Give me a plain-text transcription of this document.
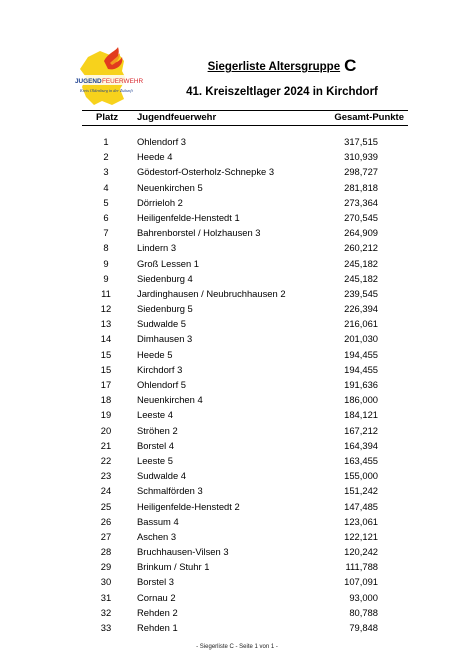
JUGEND FEUERWEHR
Kreis Oldenburg in der Zukunft
Siegerliste Altersgruppe C
41. Kreiszeltlager 2024 in Kirchdorf
Platz Jugendfeuerwehr	Gesamt-Punkte
1	Ohlendorf 3	317,515
2	Heede 4	310,939
3	Gödestorf-Osterholz-Schnepke 3	298,727
4	Neuenkirchen 5	281,818
5	Dörrieloh 2	273,364
6	Heiligenfelde-Henstedt 1	270,545
7	Bahrenborstel / Holzhausen 3	264,909
8	Lindern 3	260,212
9	Groß Lessen 1	245,182
9	Siedenburg 4	245,182
11	Jardinghausen / Neubruchhausen 2	239,545
12	Siedenburg 5	226,394
13	Sudwalde 5	216,061
14	Dimhausen 3	201,030
15	Heede 5	194,455
15	Kirchdorf 3	194,455
17	Ohlendorf 5	191,636
18	Neuenkirchen 4	186,000
19	Leeste 4	184,121
20	Ströhen 2	167,212
21	Borstel 4	164,394
22	Leeste 5	163,455
23	Sudwalde 4	155,000
24	Schmalförden 3	151,242
25	Heiligenfelde-Henstedt 2	147,485
26	Bassum 4	123,061
27	Aschen 3	122,121
28	Bruchhausen-Vilsen 3	120,242
29	Brinkum / Stuhr 1	111,788
30	Borstel 3	107,091
31	Cornau 2	93,000
32	Rehden 2	80,788
33	Rehden 1	79,848
- Siegerliste C - Seite 1 von 1 -
